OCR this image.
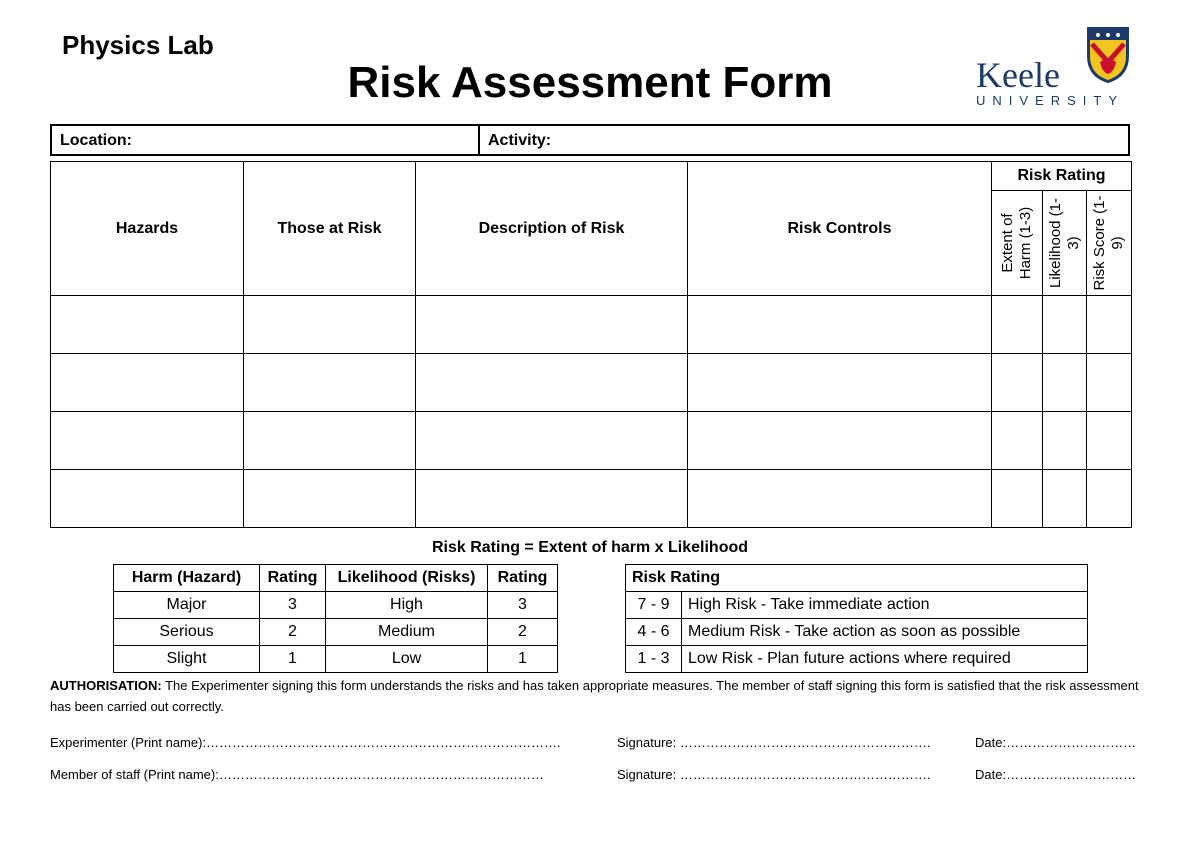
Physics Lab
Risk Assessment Form	Keele
UNIVERSITY
Location:	Activity:
Hazards	Those at Risk	Description of Risk	Risk Controls	Risk Rating		

				Extent of Harm (1-3)	Likelihood (1-3)	Risk Score (1-9)

Risk Rating = Extent of harm x Likelihood
Harm (Hazard)	Rating	Likelihood (Risks)	Rating
Major	3	High	3
Serious	2	Medium	2
Slight	1	Low	1
Risk Rating	
7 - 9	High Risk - Take immediate action
4 - 6	Medium Risk - Take action as soon as possible
1 - 3	Low Risk - Plan future actions where required
AUTHORISATION: The Experimenter signing this form understands the risks and has taken appropriate measures. The member of staff signing this form is satisfied that the risk assessment has been carried out correctly.
Experimenter (Print name):……………………………………………………………………….	Signature: ………………………………………………….	Date:…………………………
Member of staff (Print name):…………………………………………………………………	Signature: ………………………………………………….	Date:…………………………
